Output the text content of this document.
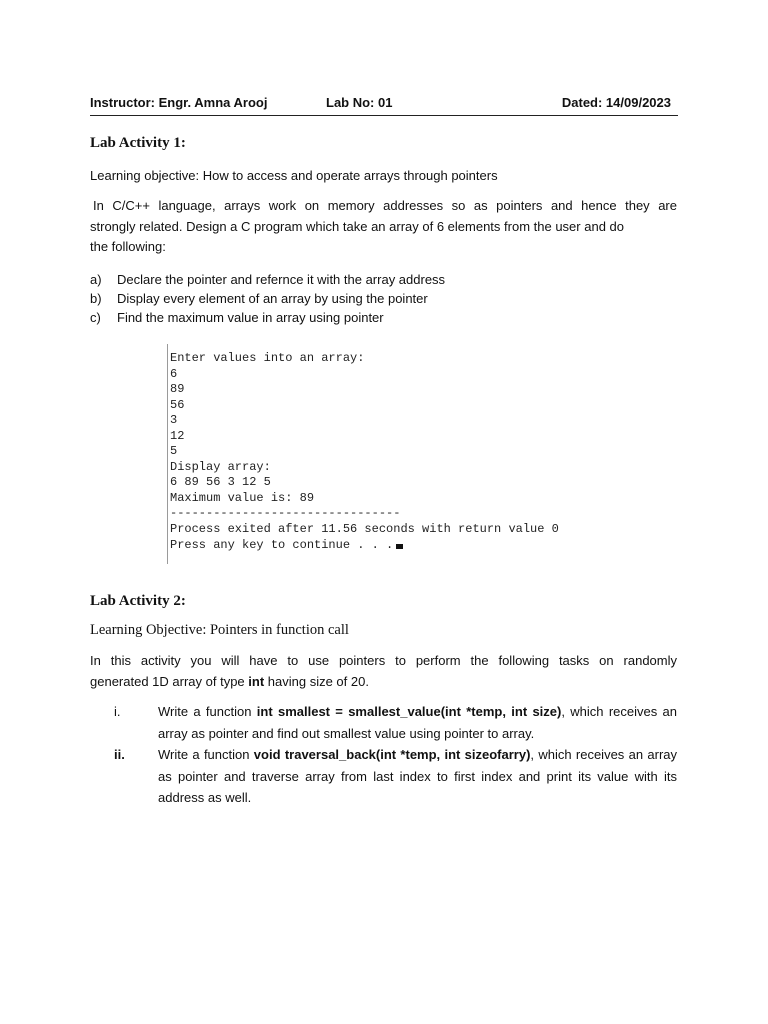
Instructor: Engr. Amna Arooj	Lab No: 01	Dated: 14/09/2023
Lab Activity 1:
Learning objective: How to access and operate arrays through pointers
In C/C++ language, arrays work on memory addresses so as pointers and hence they are
strongly related. Design a C program which take an array of 6 elements from the user and do
the following:
a) Declare the pointer and refernce it with the array address
b) Display every element of an array by using the pointer
c) Find the maximum value in array using pointer
Enter values into an array:
6
89
56
3
12
5
Display array:
6 89 56 3 12 5
Maximum value is: 89
--------------------------------
Process exited after 11.56 seconds with return value 0
Press any key to continue . . .
Lab Activity 2:
Learning Objective: Pointers in function call
In this activity you will have to use pointers to perform the following tasks on randomly
generated 1D array of type int having size of 20.
i.	Write a function int smallest = smallest_value(int *temp, int size), which receives an array as pointer and find out smallest value using pointer to array.
ii.	Write a function void traversal_back(int *temp, int sizeofarry), which receives an array as pointer and traverse array from last index to first index and print its value with its address as well.
